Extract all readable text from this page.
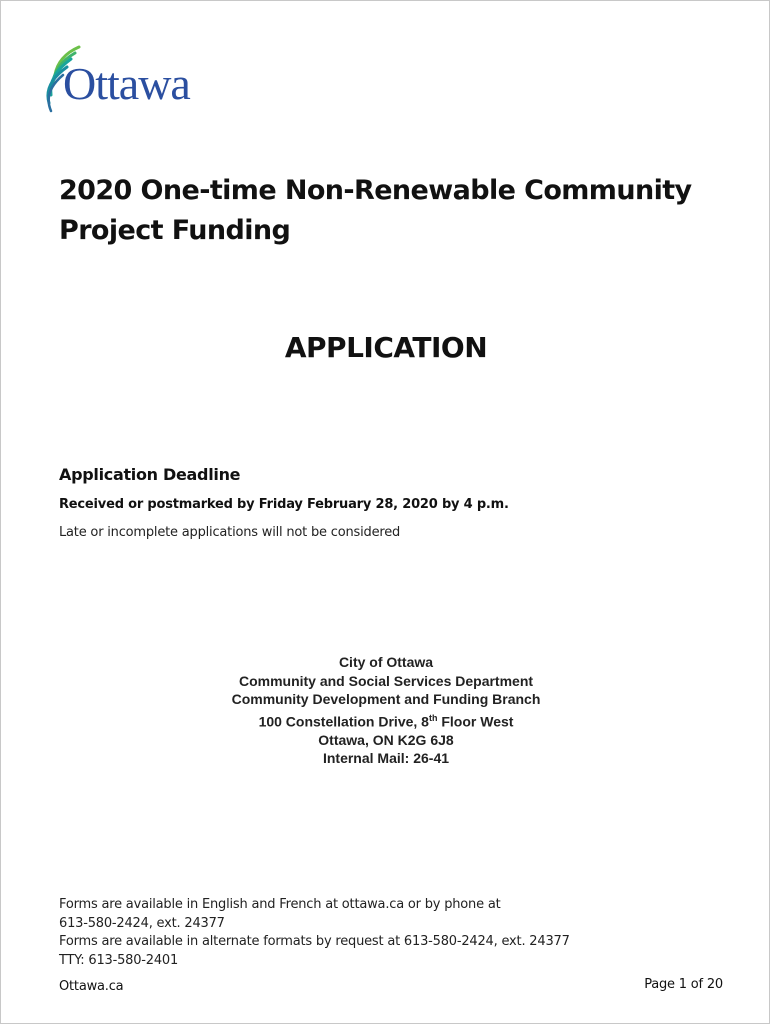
Ottawa
2020 One-time Non-Renewable Community Project Funding
APPLICATION
Application Deadline
Received or postmarked by Friday February 28, 2020 by 4 p.m.
Late or incomplete applications will not be considered
City of Ottawa
Community and Social Services Department
Community Development and Funding Branch
100 Constellation Drive, 8th Floor West
Ottawa, ON K2G 6J8
Internal Mail: 26-41
Forms are available in English and French at ottawa.ca or by phone at
613-580-2424, ext. 24377
Forms are available in alternate formats by request at 613-580-2424, ext. 24377
TTY: 613-580-2401
Ottawa.ca	Page 1 of 20
